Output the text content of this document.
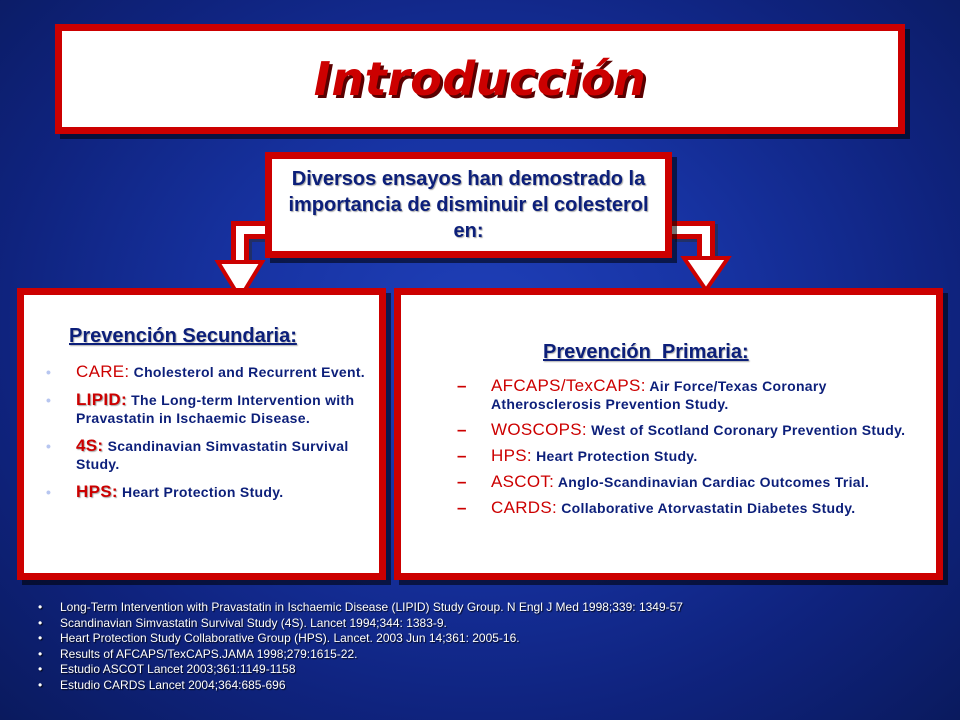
Introducción
Diversos ensayos han demostrado la importancia de disminuir el colesterol en:
Prevención Secundaria:
• CARE: Cholesterol and Recurrent Event.
• LIPID: The Long-term Intervention with Pravastatin in Ischaemic Disease.
• 4S: Scandinavian Simvastatin Survival Study.
• HPS: Heart Protection Study.
Prevención  Primaria:
– AFCAPS/TexCAPS: Air Force/Texas Coronary Atherosclerosis Prevention Study.
– WOSCOPS: West of Scotland Coronary Prevention Study.
– HPS: Heart Protection Study.
– ASCOT: Anglo-Scandinavian Cardiac Outcomes Trial.
– CARDS: Collaborative Atorvastatin Diabetes Study.
• Long-Term Intervention with Pravastatin in Ischaemic Disease (LIPID) Study Group. N Engl J Med 1998;339: 1349-57
• Scandinavian Simvastatin Survival Study (4S). Lancet 1994;344: 1383-9.
• Heart Protection Study Collaborative Group (HPS). Lancet. 2003 Jun 14;361: 2005-16.
• Results of AFCAPS/TexCAPS.JAMA 1998;279:1615-22.
• Estudio ASCOT Lancet 2003;361:1149-1158
• Estudio CARDS Lancet 2004;364:685-696
